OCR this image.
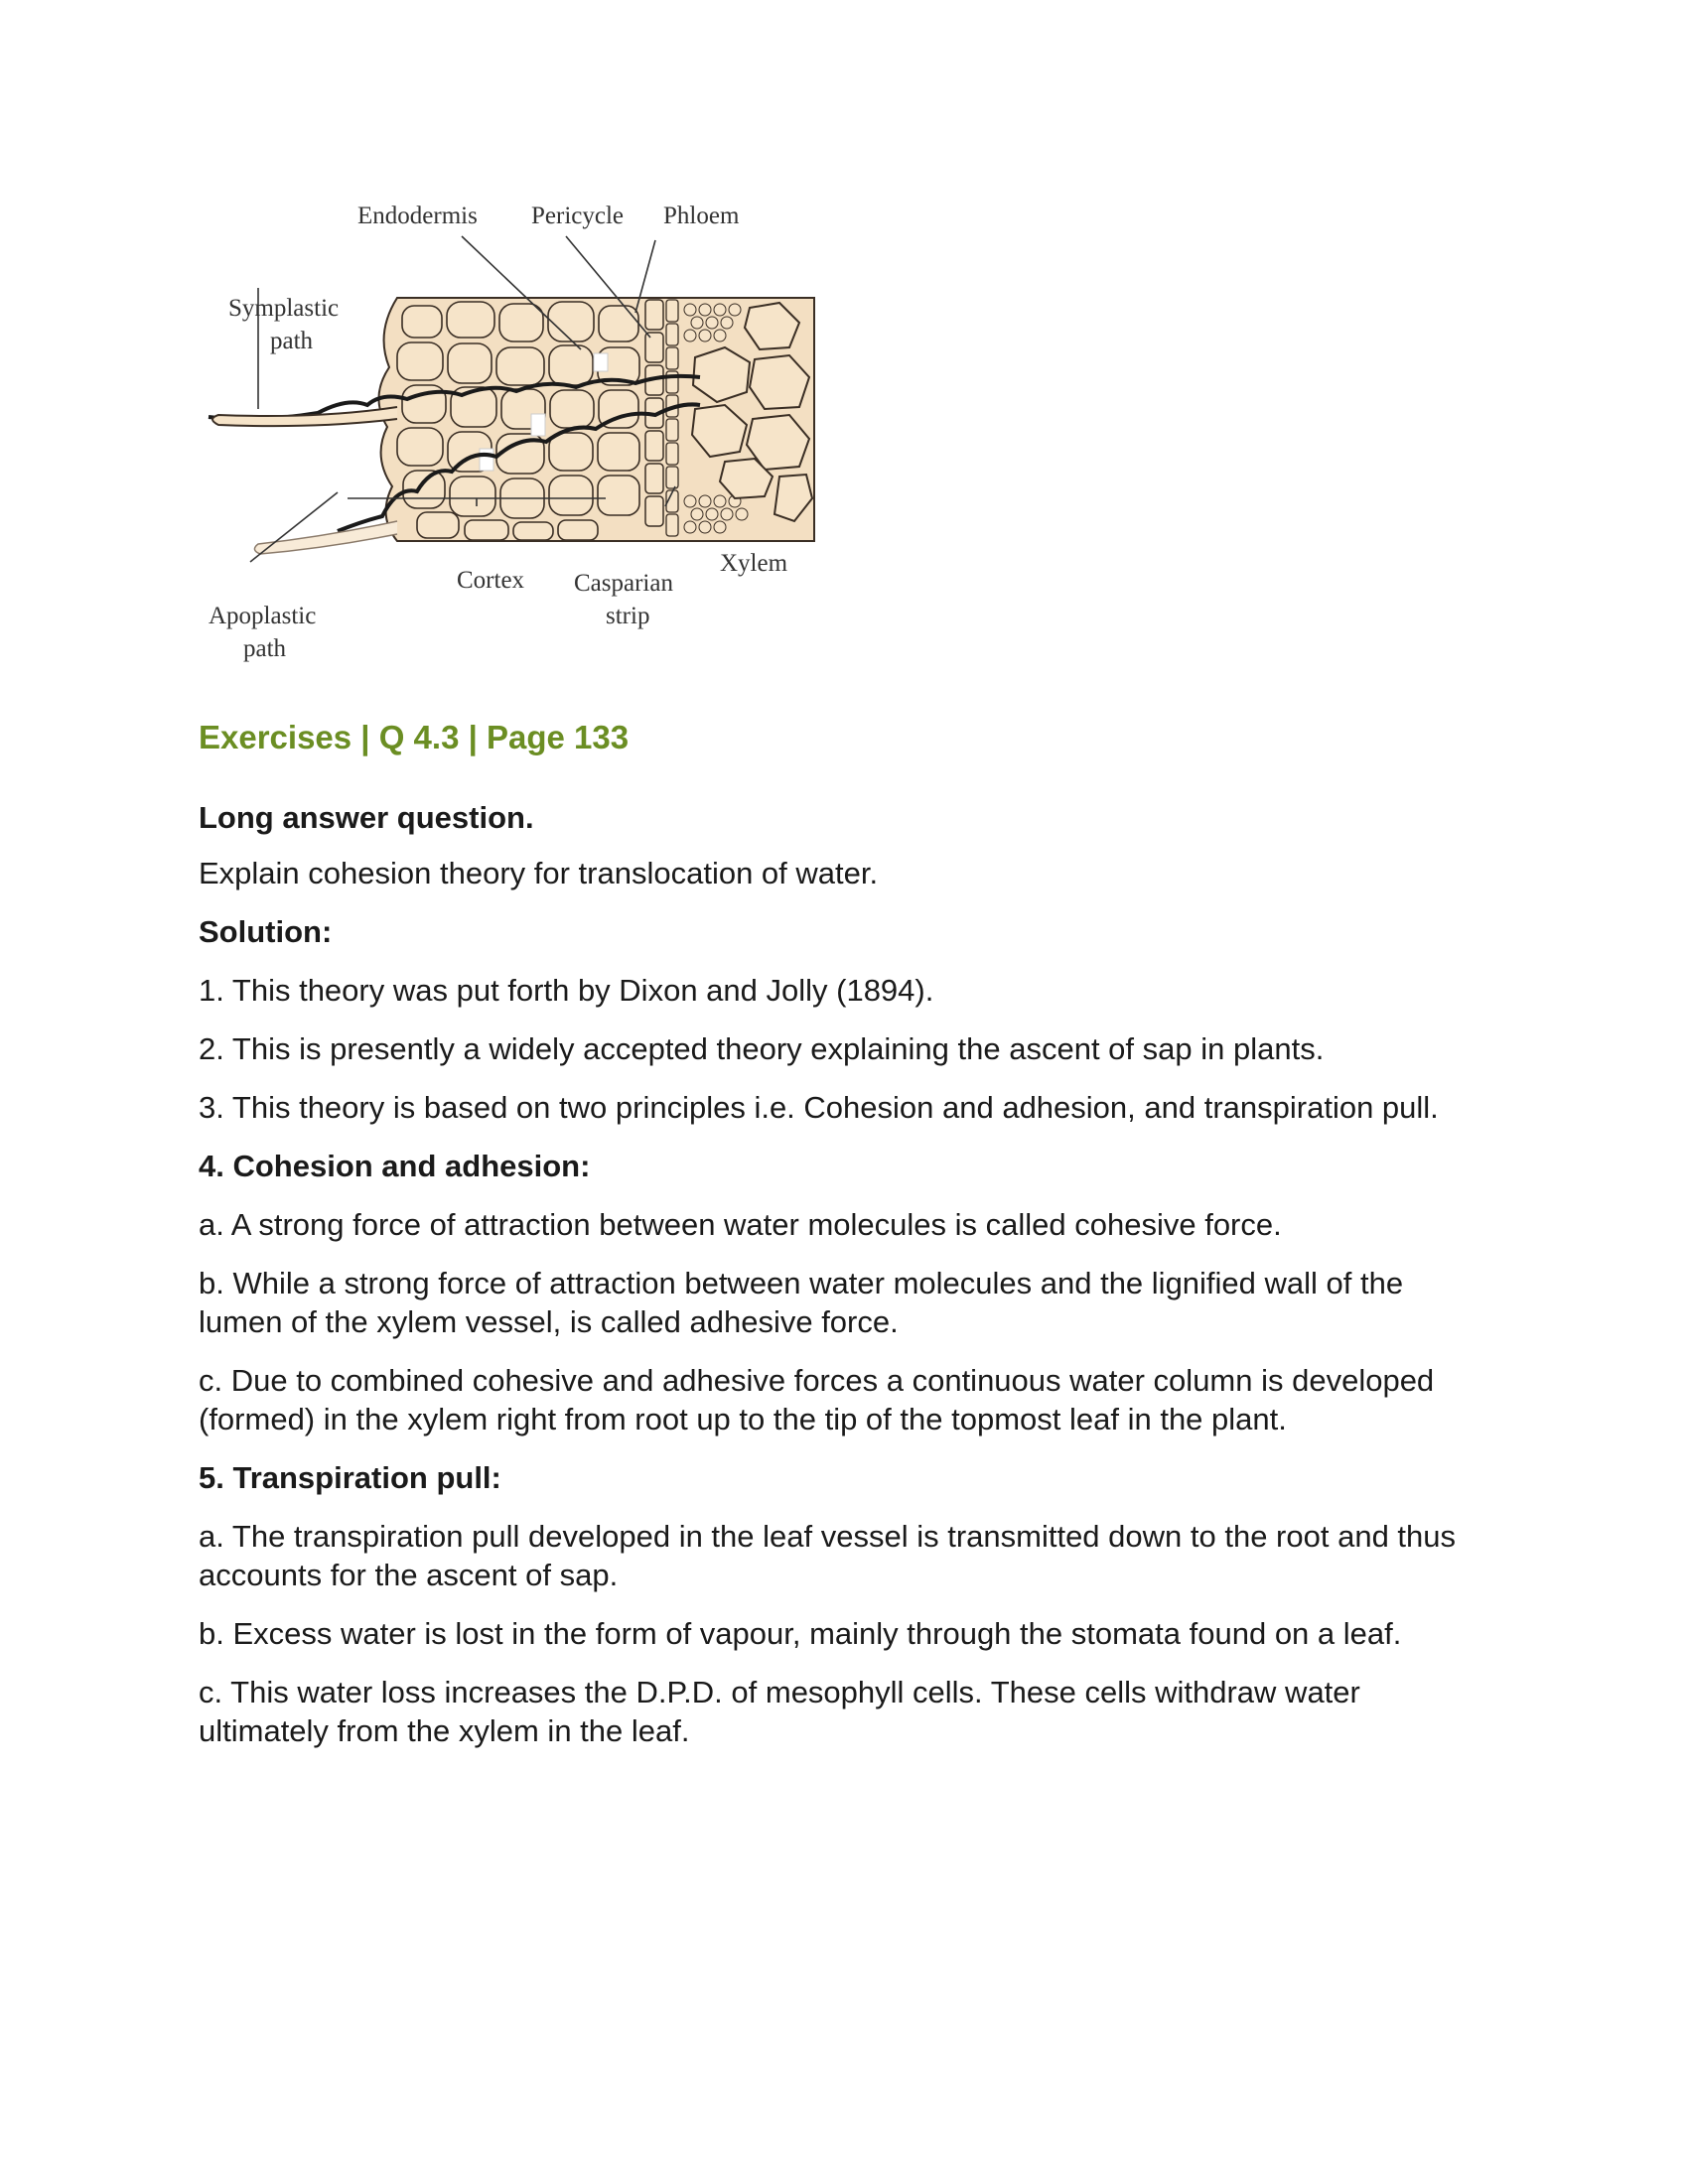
Endodermis Pericycle Phloem
Symplastic
path
Cortex Casparian
strip
Xylem
Apoplastic
path
Exercises | Q 4.3 | Page 133
Long answer question.
Explain cohesion theory for translocation of water.
Solution:
1. This theory was put forth by Dixon and Jolly (1894).
2. This is presently a widely accepted theory explaining the ascent of sap in plants.
3. This theory is based on two principles i.e. Cohesion and adhesion, and transpiration pull.
4. Cohesion and adhesion:
a. A strong force of attraction between water molecules is called cohesive force.
b. While a strong force of attraction between water molecules and the lignified wall of the lumen of the xylem vessel, is called adhesive force.
c. Due to combined cohesive and adhesive forces a continuous water column is developed (formed) in the xylem right from root up to the tip of the topmost leaf in the plant.
5. Transpiration pull:
a. The transpiration pull developed in the leaf vessel is transmitted down to the root and thus accounts for the ascent of sap.
b. Excess water is lost in the form of vapour, mainly through the stomata found on a leaf.
c. This water loss increases the D.P.D. of mesophyll cells. These cells withdraw water ultimately from the xylem in the leaf.
